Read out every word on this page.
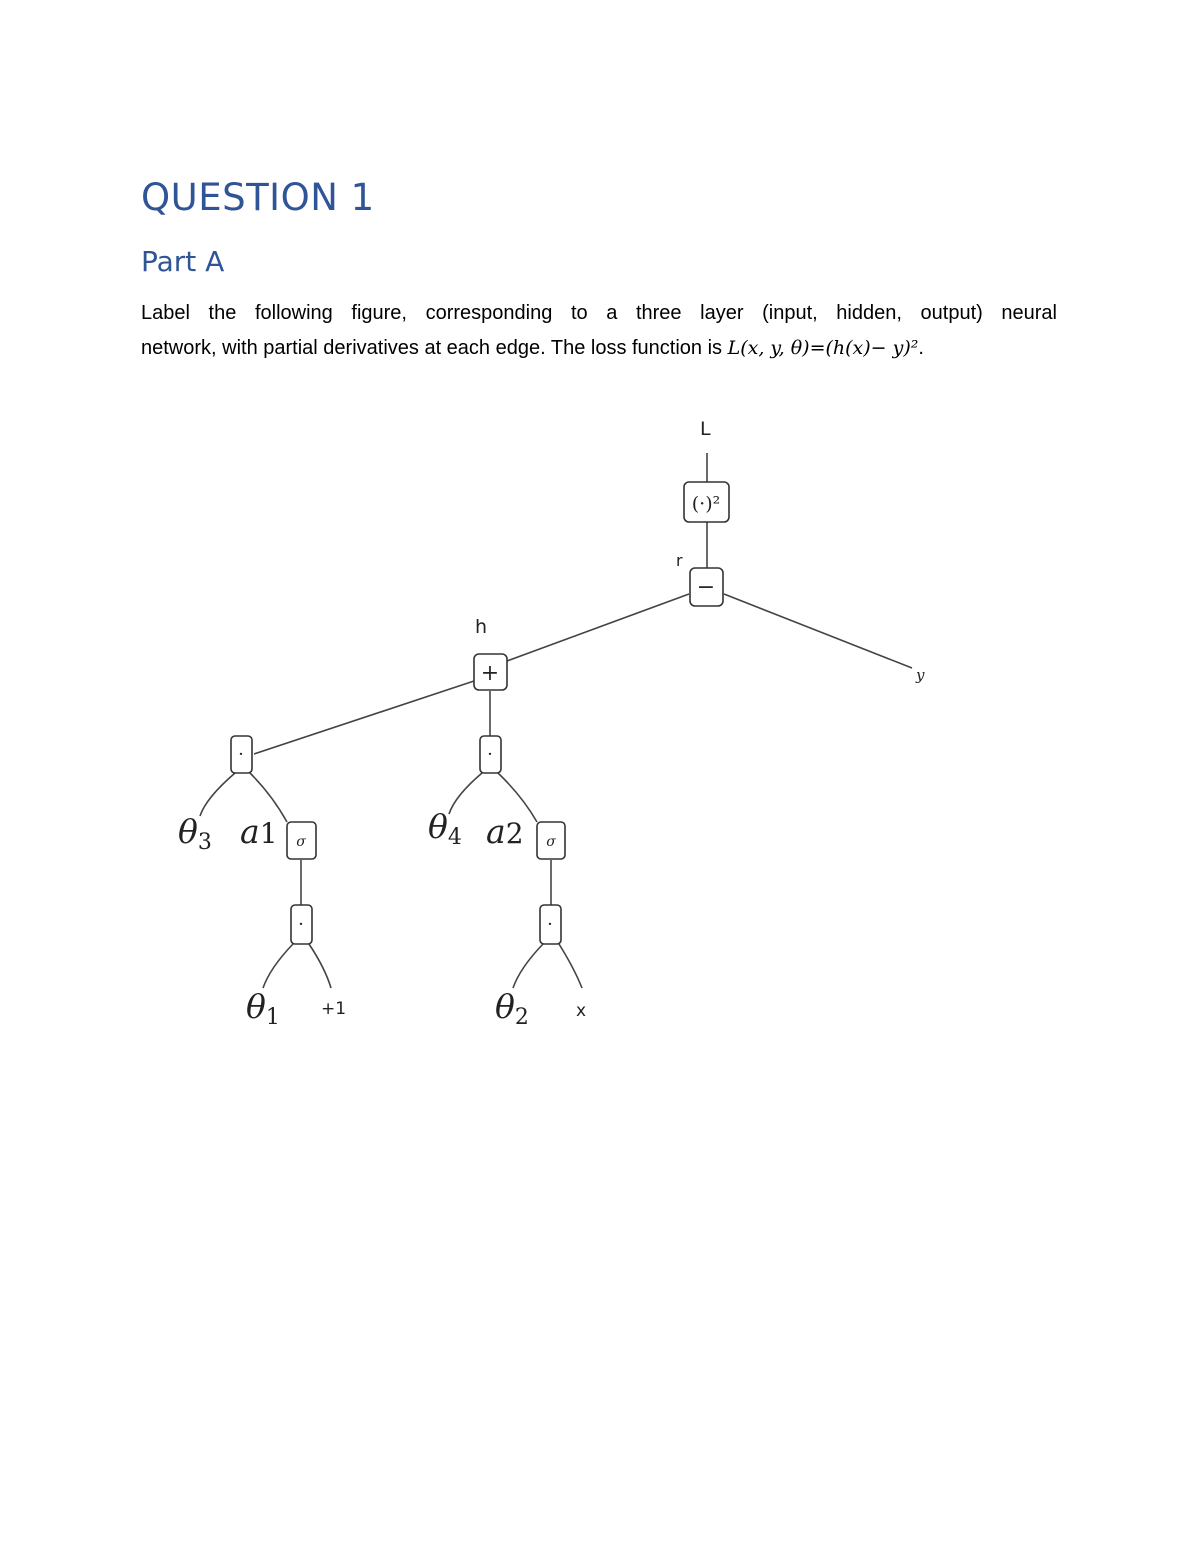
QUESTION 1
Part A
Label the following figure, corresponding to a three layer (input, hidden, output) neural
network, with partial derivatives at each edge. The loss function is L(x, y, θ)=(h(x)− y)².
L
(·)²
r
−
h
+	y
·	·
θ3 a1 σ	θ4 a2 σ
·	·
θ1 +1	θ2	x
